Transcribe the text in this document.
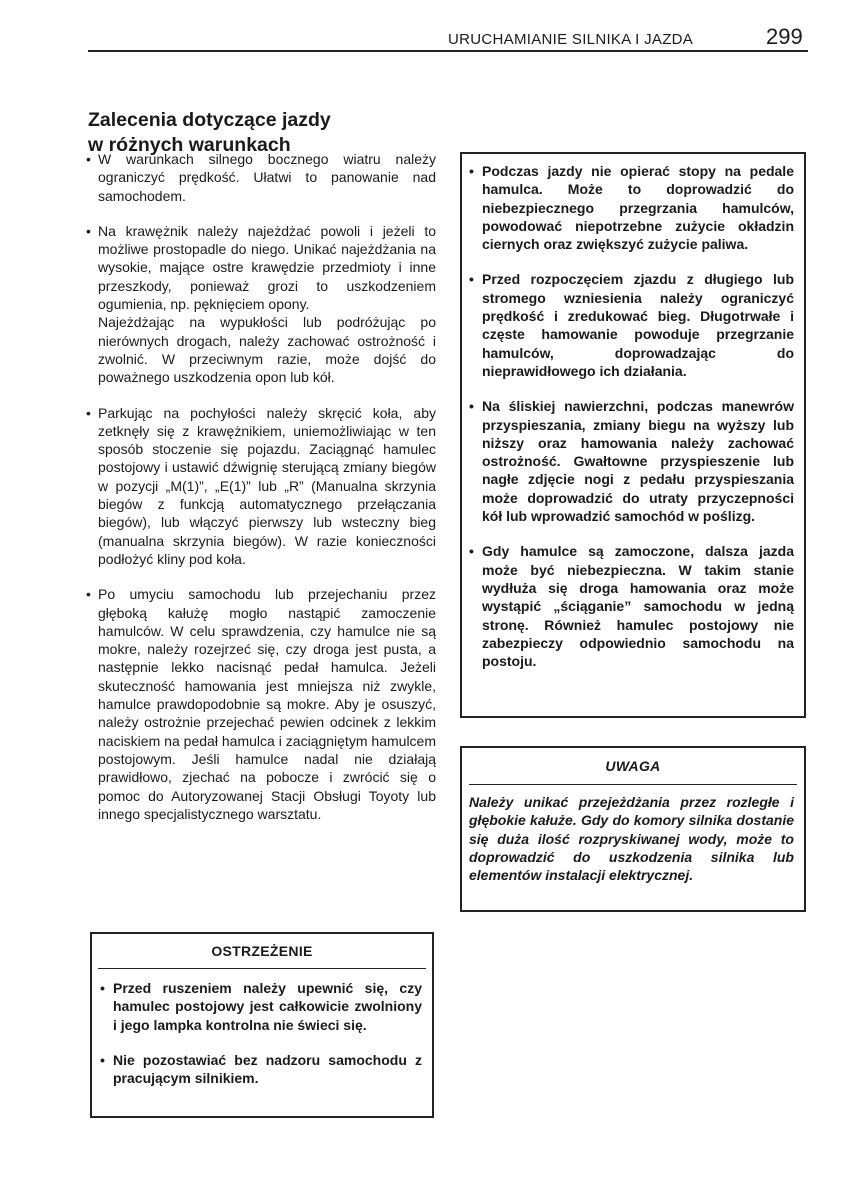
URUCHAMIANIE SILNIKA I JAZDA	299
Zalecenia dotyczące jazdy
w różnych warunkach
• W warunkach silnego bocznego wiatru należy ograniczyć prędkość. Ułatwi to panowanie nad samochodem.
• Na krawężnik należy najeżdżać powoli i jeżeli to możliwe prostopadle do niego. Unikać najeżdżania na wysokie, mające ostre krawędzie przedmioty i inne przeszkody, ponieważ grozi to uszkodzeniem ogumienia, np. pęknięciem opony.
Najeżdżając na wypukłości lub podróżując po nierównych drogach, należy zachować ostrożność i zwolnić. W przeciwnym razie, może dojść do poważnego uszkodzenia opon lub kół.
• Parkując na pochyłości należy skręcić koła, aby zetknęły się z krawężnikiem, uniemożliwiając w ten sposób stoczenie się pojazdu. Zaciągnąć hamulec postojowy i ustawić dźwignię sterującą zmiany biegów w pozycji „M(1)”, „E(1)” lub „R” (Manualna skrzynia biegów z funkcją automatycznego przełączania biegów), lub włączyć pierwszy lub wsteczny bieg (manualna skrzynia biegów). W razie konieczności podłożyć kliny pod koła.
• Po umyciu samochodu lub przejechaniu przez głęboką kałużę mogło nastąpić zamoczenie hamulców. W celu sprawdzenia, czy hamulce nie są mokre, należy rozejrzeć się, czy droga jest pusta, a następnie lekko nacisnąć pedał hamulca. Jeżeli skuteczność hamowania jest mniejsza niż zwykle, hamulce prawdopodobnie są mokre. Aby je osuszyć, należy ostrożnie przejechać pewien odcinek z lekkim naciskiem na pedał hamulca i zaciągniętym hamulcem postojowym. Jeśli hamulce nadal nie działają prawidłowo, zjechać na pobocze i zwrócić się o pomoc do Autoryzowanej Stacji Obsługi Toyoty lub innego specjalistycznego warsztatu.
OSTRZEŻENIE
• Przed ruszeniem należy upewnić się, czy hamulec postojowy jest całkowicie zwolniony i jego lampka kontrolna nie świeci się.
• Nie pozostawiać bez nadzoru samochodu z pracującym silnikiem.
• Podczas jazdy nie opierać stopy na pedale hamulca. Może to doprowadzić do niebezpiecznego przegrzania hamulców, powodować niepotrzebne zużycie okładzin ciernych oraz zwiększyć zużycie paliwa.
• Przed rozpoczęciem zjazdu z długiego lub stromego wzniesienia należy ograniczyć prędkość i zredukować bieg. Długotrwałe i częste hamowanie powoduje przegrzanie hamulców, doprowadzając do nieprawidłowego ich działania.
• Na śliskiej nawierzchni, podczas manewrów przyspieszania, zmiany biegu na wyższy lub niższy oraz hamowania należy zachować ostrożność. Gwałtowne przyspieszenie lub nagłe zdjęcie nogi z pedału przyspieszania może doprowadzić do utraty przyczepności kół lub wprowadzić samochód w poślizg.
• Gdy hamulce są zamoczone, dalsza jazda może być niebezpieczna. W takim stanie wydłuża się droga hamowania oraz może wystąpić „ściąganie” samochodu w jedną stronę. Również hamulec postojowy nie zabezpieczy odpowiednio samochodu na postoju.
UWAGA
Należy unikać przejeżdżania przez rozległe i głębokie kałuże. Gdy do komory silnika dostanie się duża ilość rozpryskiwanej wody, może to doprowadzić do uszkodzenia silnika lub elementów instalacji elektrycznej.
